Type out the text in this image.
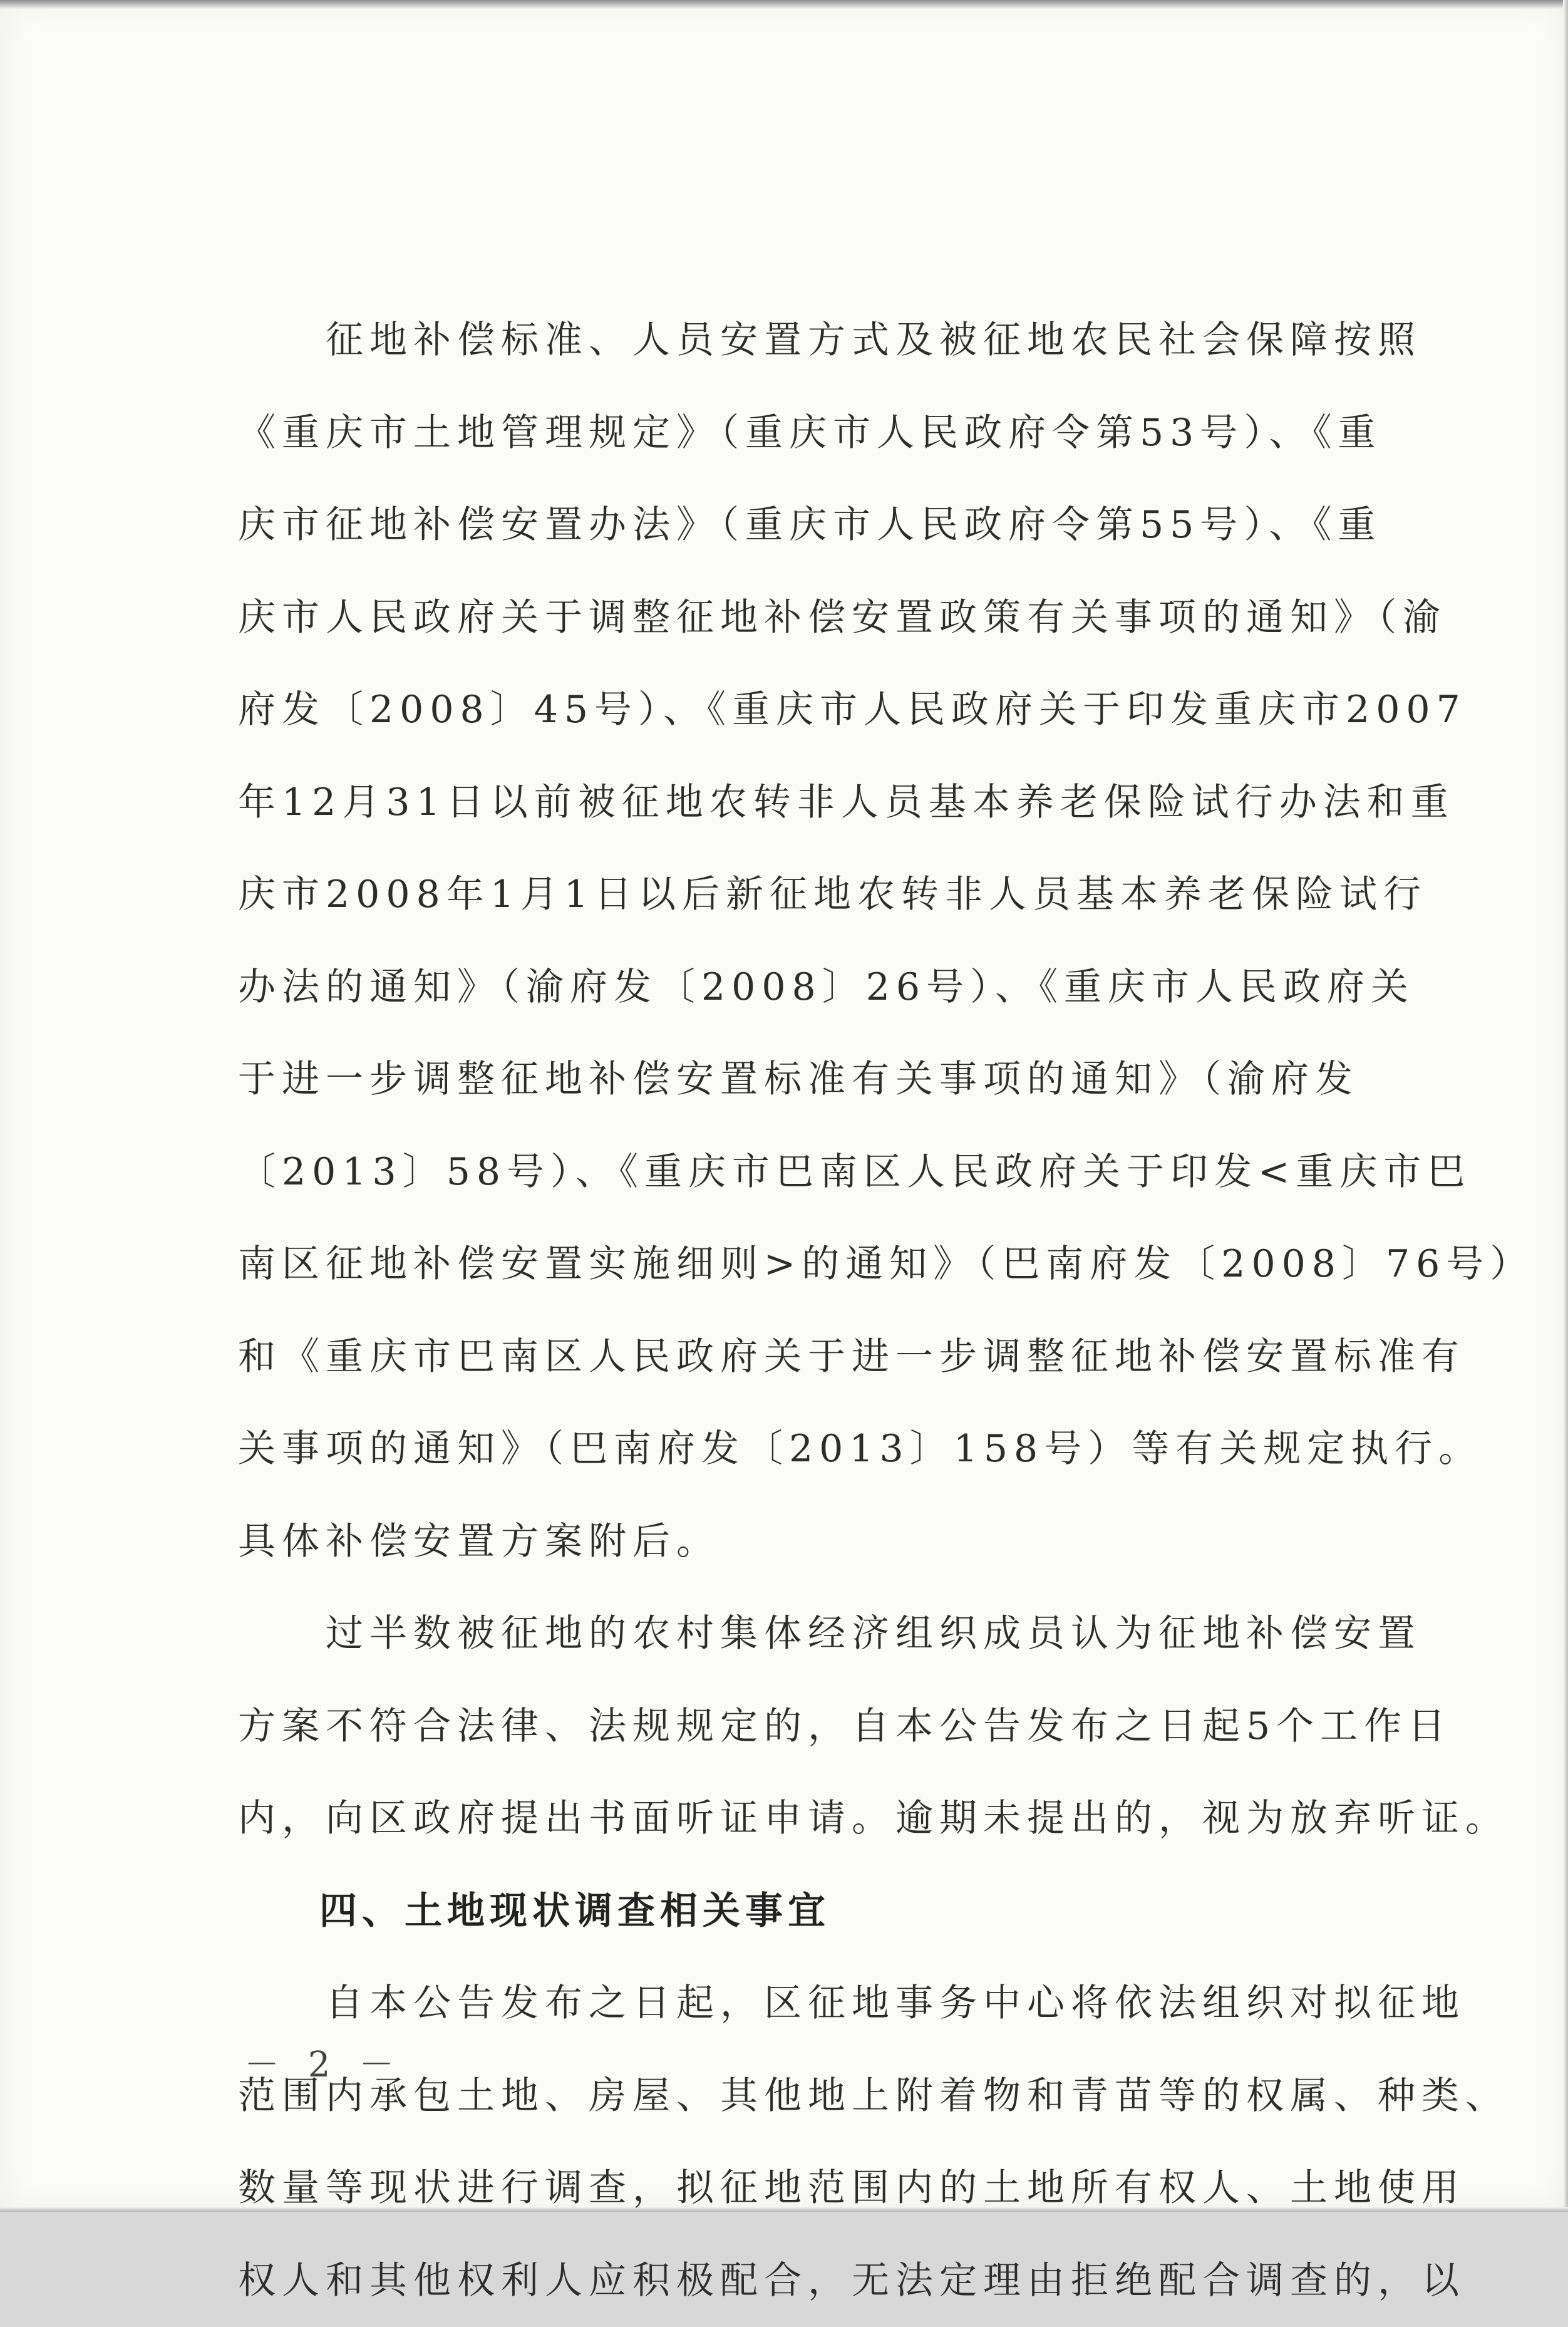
征地补偿标准、人员安置方式及被征地农民社会保障按照
《重庆市土地管理规定》（重庆市人民政府令第53号）、《重
庆市征地补偿安置办法》（重庆市人民政府令第55号）、《重
庆市人民政府关于调整征地补偿安置政策有关事项的通知》（渝
府发〔2008〕45号）、《重庆市人民政府关于印发重庆市2007
年12月31日以前被征地农转非人员基本养老保险试行办法和重
庆市2008年1月1日以后新征地农转非人员基本养老保险试行
办法的通知》（渝府发〔2008〕26号）、《重庆市人民政府关
于进一步调整征地补偿安置标准有关事项的通知》（渝府发
〔2013〕58号）、《重庆市巴南区人民政府关于印发<重庆市巴
南区征地补偿安置实施细则>的通知》（巴南府发〔2008〕76号）
和《重庆市巴南区人民政府关于进一步调整征地补偿安置标准有
关事项的通知》（巴南府发〔2013〕158号）等有关规定执行。
具体补偿安置方案附后。
过半数被征地的农村集体经济组织成员认为征地补偿安置
方案不符合法律、法规规定的，自本公告发布之日起5个工作日
内，向区政府提出书面听证申请。逾期未提出的，视为放弃听证。
四、土地现状调查相关事宜
自本公告发布之日起，区征地事务中心将依法组织对拟征地
范围内承包土地、房屋、其他地上附着物和青苗等的权属、种类、
数量等现状进行调查，拟征地范围内的土地所有权人、土地使用
权人和其他权利人应积极配合，无法定理由拒绝配合调查的，以
－ 2 －
